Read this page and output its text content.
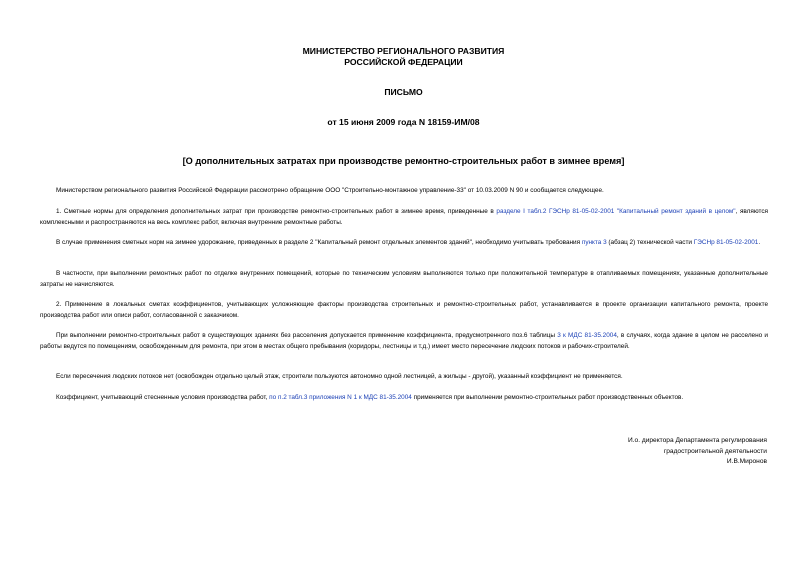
МИНИСТЕРСТВО РЕГИОНАЛЬНОГО РАЗВИТИЯ
РОССИЙСКОЙ ФЕДЕРАЦИИ
ПИСЬМО
от 15 июня 2009 года N 18159-ИМ/08
[О дополнительных затратах при производстве ремонтно-строительных работ в зимнее время]
Министерством регионального развития Российской Федерации рассмотрено обращение ООО "Строительно-монтажное управление-33" от 10.03.2009 N 90 и сообщается следующее.
1. Сметные нормы для определения дополнительных затрат при производстве ремонтно-строительных работ в зимнее время, приведенные в разделе I табл.2 ГЭСНр 81-05-02-2001 "Капитальный ремонт зданий в целом", являются комплексными и распространяются на весь комплекс работ, включая внутренние ремонтные работы.
В случае применения сметных норм на зимнее удорожание, приведенных в разделе 2 "Капитальный ремонт отдельных элементов зданий", необходимо учитывать требования пункта 3 (абзац 2) технической части ГЭСНр 81-05-02-2001.
В частности, при выполнении ремонтных работ по отделке внутренних помещений, которые по техническим условиям выполняются только при положительной температуре в отапливаемых помещениях, указанные дополнительные затраты не начисляются.
2. Применение в локальных сметах коэффициентов, учитывающих усложняющие факторы производства строительных и ремонтно-строительных работ, устанавливается в проекте организации капитального ремонта, проекте производства работ или описи работ, согласованной с заказчиком.
При выполнении ремонтно-строительных работ в существующих зданиях без расселения допускается применение коэффициента, предусмотренного поз.6 таблицы 3 к МДС 81-35.2004, в случаях, когда здание в целом не расселено и работы ведутся по помещениям, освобожденным для ремонта, при этом в местах общего пребывания (коридоры, лестницы и т.д.) имеет место пересечение людских потоков и рабочих-строителей.
Если пересечения людских потоков нет (освобожден отдельно целый этаж, строители пользуются автономно одной лестницей, а жильцы - другой), указанный коэффициент не применяется.
Коэффициент, учитывающий стесненные условия производства работ, по п.2 табл.3 приложения N 1 к МДС 81-35.2004 применяется при выполнении ремонтно-строительных работ производственных объектов.
И.о. директора Департамента регулирования
градостроительной деятельности
И.В.Миронов
